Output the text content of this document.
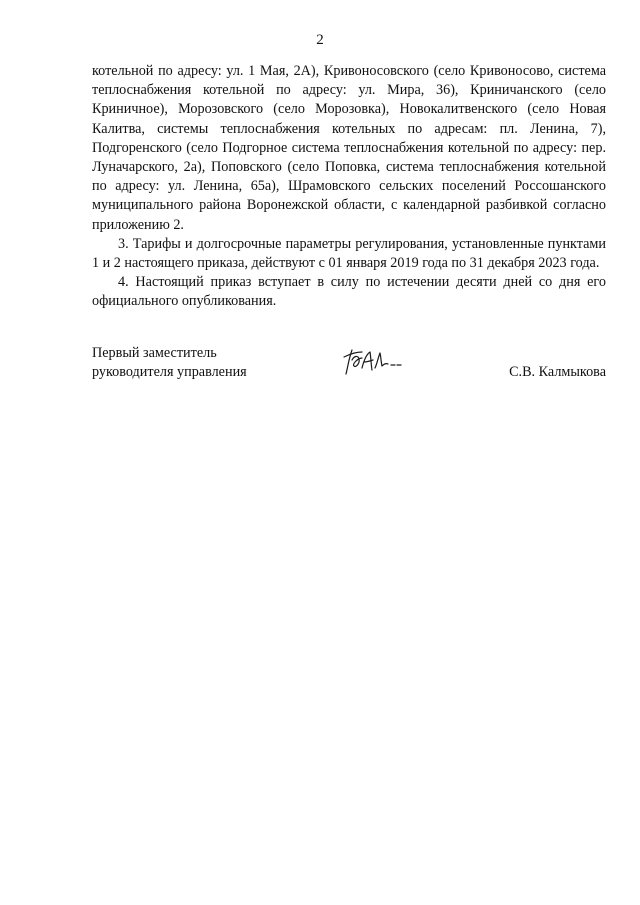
2

котельной по адресу: ул. 1 Мая, 2А), Кривоносовского (село Кривоносово, система теплоснабжения котельной по адресу: ул. Мира, 36), Криничанского (село Криничное), Морозовского (село Морозовка), Новокалитвенского (село Новая Калитва, системы теплоснабжения котельных по адресам: пл. Ленина, 7), Подгоренского (село Подгорное система теплоснабжения котельной по адресу: пер. Луначарского, 2а), Поповского (село Поповка, система теплоснабжения котельной по адресу: ул. Ленина, 65а), Шрамовского сельских поселений Россошанского муниципального района Воронежской области, с календарной разбивкой согласно приложению 2.

3. Тарифы и долгосрочные параметры регулирования, установленные пунктами 1 и 2 настоящего приказа, действуют с 01 января 2019 года по 31 декабря 2023 года.

4. Настоящий приказ вступает в силу по истечении десяти дней со дня его официального опубликования.

Первый заместитель
руководителя управления	С.В. Калмыкова
